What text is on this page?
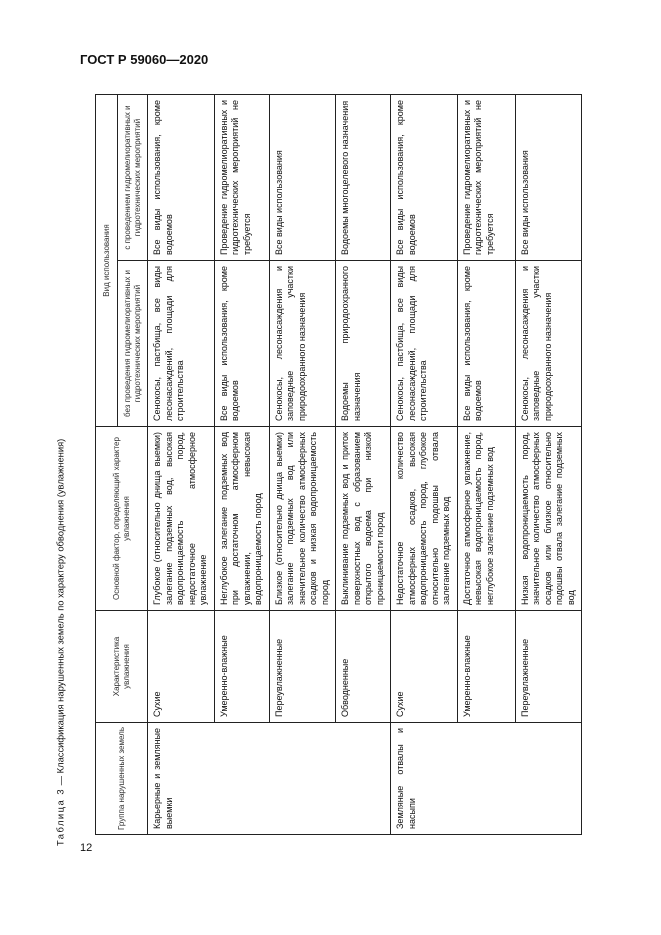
ГОСТ Р 59060—2020
12
Таблица 3 — Классификация нарушенных земель по характеру обводнения (увлажнения)	Группа нарушенных земель	Характеристика увлажнения	Основной фактор, определяющий характер увлажнения	Вид использования	
			без проведения гидромелиоративных и гидротехнических мероприятий	с проведением гидромелиоративных и гидротехнических мероприятий
Карьерные и земляные выемки	Сухие	Глубокое (относительно днища выемки) залегание подземных вод, высокая водопроницаемость пород, недостаточное атмосферное увлажнение	Сенокосы, пастбища, все виды лесонасаждений, площади для строительства	Все виды использования, кроме водоемов
	Умеренно-влажные	Неглубокое залегание подземных вод при достаточном атмосферном увлажнении, невысокая водопроницаемость пород	Все виды использования, кроме водоемов	Проведение гидромелиоративных и гидротехнических мероприятий не требуется
	Переувлажненные	Близкое (относительно днища выемки) залегание подземных вод или значительное количество атмосферных осадков и низкая водопроницаемость пород	Сенокосы, лесонасаждения и заповедные участки природоохранного назначения	Все виды использования
	Обводненные	Выклинивание подземных вод и приток поверхностных вод с образованием открытого водоема при низкой проницаемости пород	Водоемы природоохранного назначения	Водоемы многоцелевого назначения
Земляные отвалы и насыпи	Сухие	Недостаточное количество атмосферных осадков, высокая водопроницаемость пород, глубокое относительно подошвы отвала залегание подземных вод	Сенокосы, пастбища, все виды лесонасаждений, площади для строительства	Все виды использования, кроме водоемов
	Умеренно-влажные	Достаточное атмосферное увлажнение, невысокая водопроницаемость пород, неглубокое залегание подземных вод	Все виды использования, кроме водоемов	Проведение гидромелиоративных и гидротехнических мероприятий не требуется
	Переувлажненные	Низкая водопроницаемость пород, значительное количество атмосферных осадков или близкое относительно подошвы отвала залегание подземных вод	Сенокосы, лесонасаждения и заповедные участки природоохранного назначения	Все виды использования
